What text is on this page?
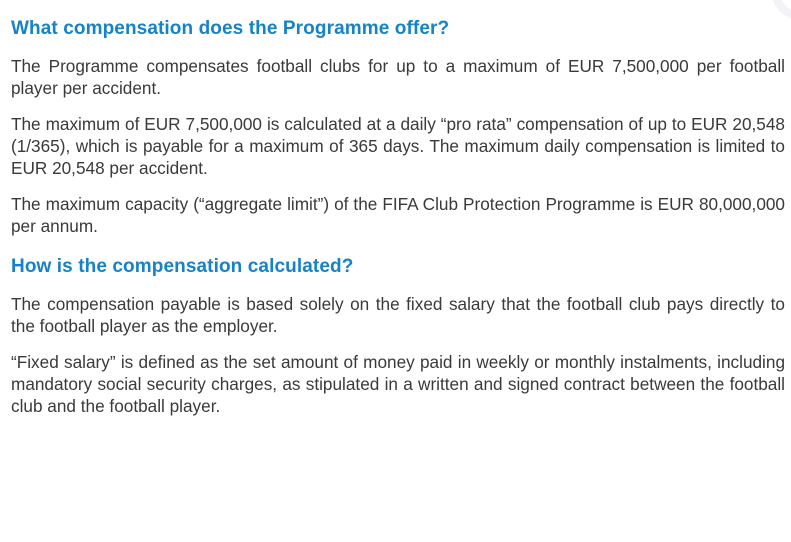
What compensation does the Programme offer?

The Programme compensates football clubs for up to a maximum of EUR 7,500,000 per football player per accident.

The maximum of EUR 7,500,000 is calculated at a daily “pro rata” compensation of up to EUR 20,548 (1/365), which is payable for a maximum of 365 days. The maximum daily compensation is limited to EUR 20,548 per accident.

The maximum capacity (“aggregate limit”) of the FIFA Club Protection Programme is EUR 80,000,000 per annum.

How is the compensation calculated?

The compensation payable is based solely on the fixed salary that the football club pays directly to the football player as the employer.

“Fixed salary” is defined as the set amount of money paid in weekly or monthly instalments, including mandatory social security charges, as stipulated in a written and signed contract between the football club and the football player.
